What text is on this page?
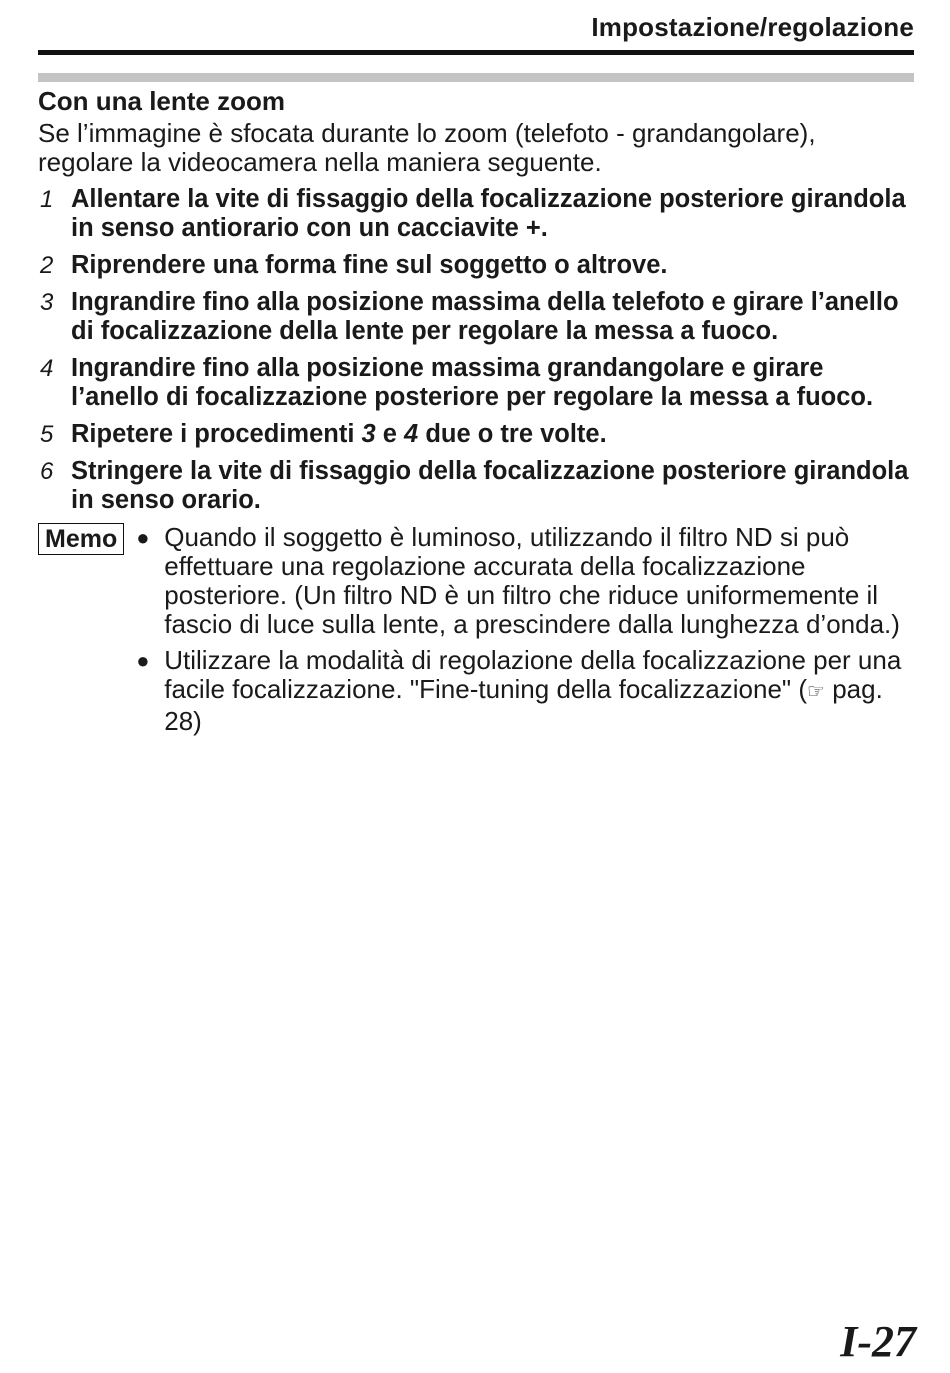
Impostazione/regolazione
Con una lente zoom
Se l’immagine è sfocata durante lo zoom (telefoto - grandangolare), regolare la videocamera nella maniera seguente.
1 Allentare la vite di fissaggio della focalizzazione posteriore girandola in senso antiorario con un cacciavite +.
2 Riprendere una forma fine sul soggetto o altrove.
3 Ingrandire fino alla posizione massima della telefoto e girare l’anello di focalizzazione della lente per regolare la messa a fuoco.
4 Ingrandire fino alla posizione massima grandangolare e girare l’anello di focalizzazione posteriore per regolare la messa a fuoco.
5 Ripetere i procedimenti 3 e 4 due o tre volte.
6 Stringere la vite di fissaggio della focalizzazione posteriore girandola in senso orario.
Memo ● Quando il soggetto è luminoso, utilizzando il filtro ND si può effettuare una regolazione accurata della focalizzazione posteriore. (Un filtro ND è un filtro che riduce uniformemente il fascio di luce sulla lente, a prescindere dalla lunghezza d’onda.)
● Utilizzare la modalità di regolazione della focalizzazione per una facile focalizzazione. "Fine-tuning della focalizzazione" (☞ pag. 28)
I-27
